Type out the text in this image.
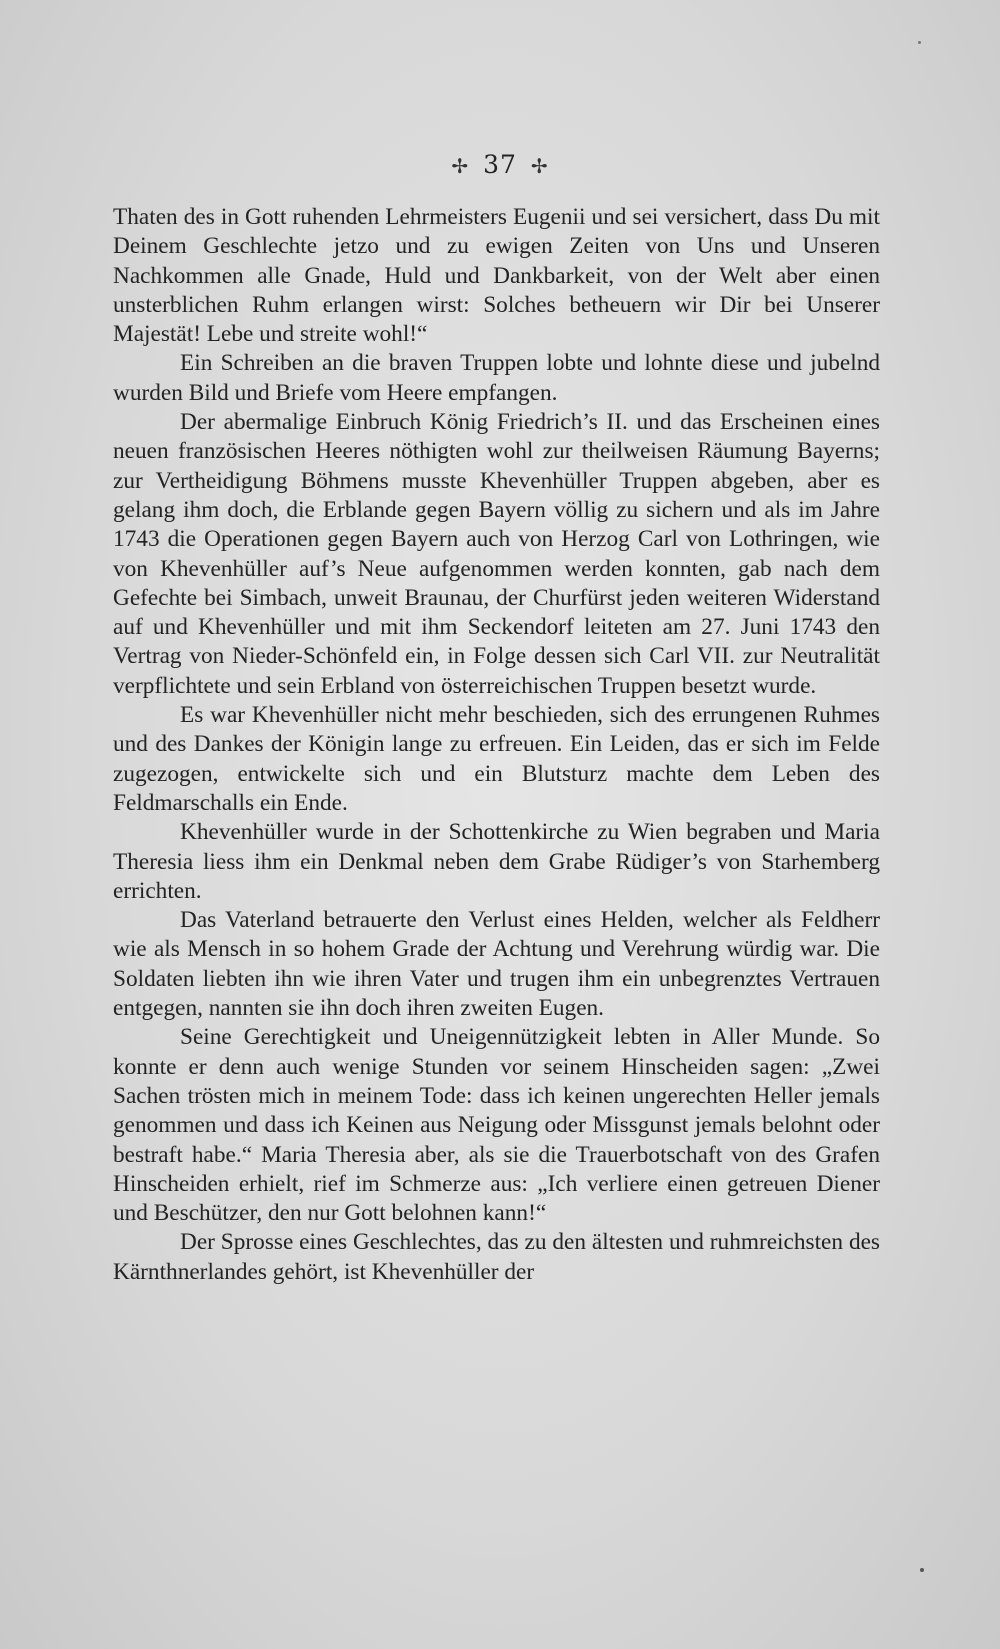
✢ 37 ✢

Thaten des in Gott ruhenden Lehrmeisters Eugenii und sei versichert, dass Du mit Deinem Geschlechte jetzo und zu ewigen Zeiten von Uns und Unseren Nachkommen alle Gnade, Huld und Dankbarkeit, von der Welt aber einen unsterblichen Ruhm erlangen wirst: Solches betheuern wir Dir bei Unserer Majestät! Lebe und streite wohl!“

Ein Schreiben an die braven Truppen lobte und lohnte diese und jubelnd wurden Bild und Briefe vom Heere empfangen.

Der abermalige Einbruch König Friedrich’s II. und das Erscheinen eines neuen französischen Heeres nöthigten wohl zur theilweisen Räumung Bayerns; zur Vertheidigung Böhmens musste Khevenhüller Truppen abgeben, aber es gelang ihm doch, die Erblande gegen Bayern völlig zu sichern und als im Jahre 1743 die Operationen gegen Bayern auch von Herzog Carl von Lothringen, wie von Khevenhüller auf’s Neue aufgenommen werden konnten, gab nach dem Gefechte bei Simbach, unweit Braunau, der Churfürst jeden weiteren Widerstand auf und Khevenhüller und mit ihm Seckendorf leiteten am 27. Juni 1743 den Vertrag von Nieder-Schönfeld ein, in Folge dessen sich Carl VII. zur Neutralität verpflichtete und sein Erbland von österreichischen Truppen besetzt wurde.

Es war Khevenhüller nicht mehr beschieden, sich des errungenen Ruhmes und des Dankes der Königin lange zu erfreuen. Ein Leiden, das er sich im Felde zugezogen, entwickelte sich und ein Blutsturz machte dem Leben des Feldmarschalls ein Ende.

Khevenhüller wurde in der Schottenkirche zu Wien begraben und Maria Theresia liess ihm ein Denkmal neben dem Grabe Rüdiger’s von Starhemberg errichten.

Das Vaterland betrauerte den Verlust eines Helden, welcher als Feldherr wie als Mensch in so hohem Grade der Achtung und Verehrung würdig war. Die Soldaten liebten ihn wie ihren Vater und trugen ihm ein unbegrenztes Vertrauen entgegen, nannten sie ihn doch ihren zweiten Eugen.

Seine Gerechtigkeit und Uneigennützigkeit lebten in Aller Munde. So konnte er denn auch wenige Stunden vor seinem Hinscheiden sagen: „Zwei Sachen trösten mich in meinem Tode: dass ich keinen ungerechten Heller jemals genommen und dass ich Keinen aus Neigung oder Missgunst jemals belohnt oder bestraft habe.“ Maria Theresia aber, als sie die Trauerbotschaft von des Grafen Hinscheiden erhielt, rief im Schmerze aus: „Ich verliere einen getreuen Diener und Beschützer, den nur Gott belohnen kann!“

Der Sprosse eines Geschlechtes, das zu den ältesten und ruhmreichsten des Kärnthnerlandes gehört, ist Khevenhüller der
